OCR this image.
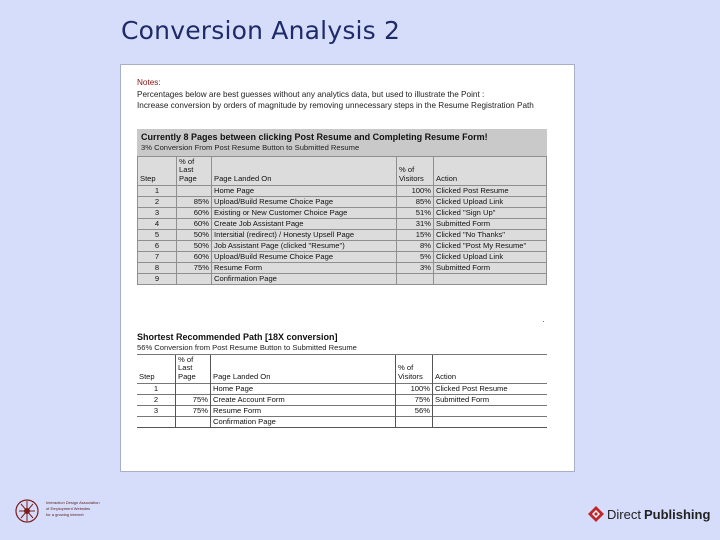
Conversion Analysis 2
Notes:
Percentages below are best guesses without any analytics data, but used to illustrate the Point :
Increase conversion by orders of magnitude by removing unnecessary steps in the Resume Registration Path
Currently 8 Pages between clicking Post Resume and Completing Resume Form!
3% Conversion From Post Resume Button to Submitted Resume
Step	% of Last Page	Page Landed On	% of Visitors	Action
1		Home Page	100%	Clicked Post Resume
2	85%	Upload/Build Resume Choice Page	85%	Clicked Upload Link
3	60%	Existing or New Customer Choice Page	51%	Clicked "Sign Up"
4	60%	Create Job Assistant Page	31%	Submitted Form
5	50%	Intersitial (redirect) / Honesty Upsell Page	15%	Clicked "No Thanks"
6	50%	Job Assistant Page (clicked "Resume")	8%	Clicked "Post My Resume"
7	60%	Upload/Build Resume Choice Page	5%	Clicked Upload Link
8	75%	Resume Form	3%	Submitted Form
9		Confirmation Page		
Shortest Recommended Path [18X conversion]
56% Conversion from Post Resume Button to Submitted Resume
Step	% of Last Page	Page Landed On	% of Visitors	Action
1		Home Page	100%	Clicked Post Resume
2	75%	Create Account Form	75%	Submitted Form
3	75%	Resume Form	56%	
		Confirmation Page		
Interaction Design Association
of Employment Websites
for a growing internet	Direct Publishing
